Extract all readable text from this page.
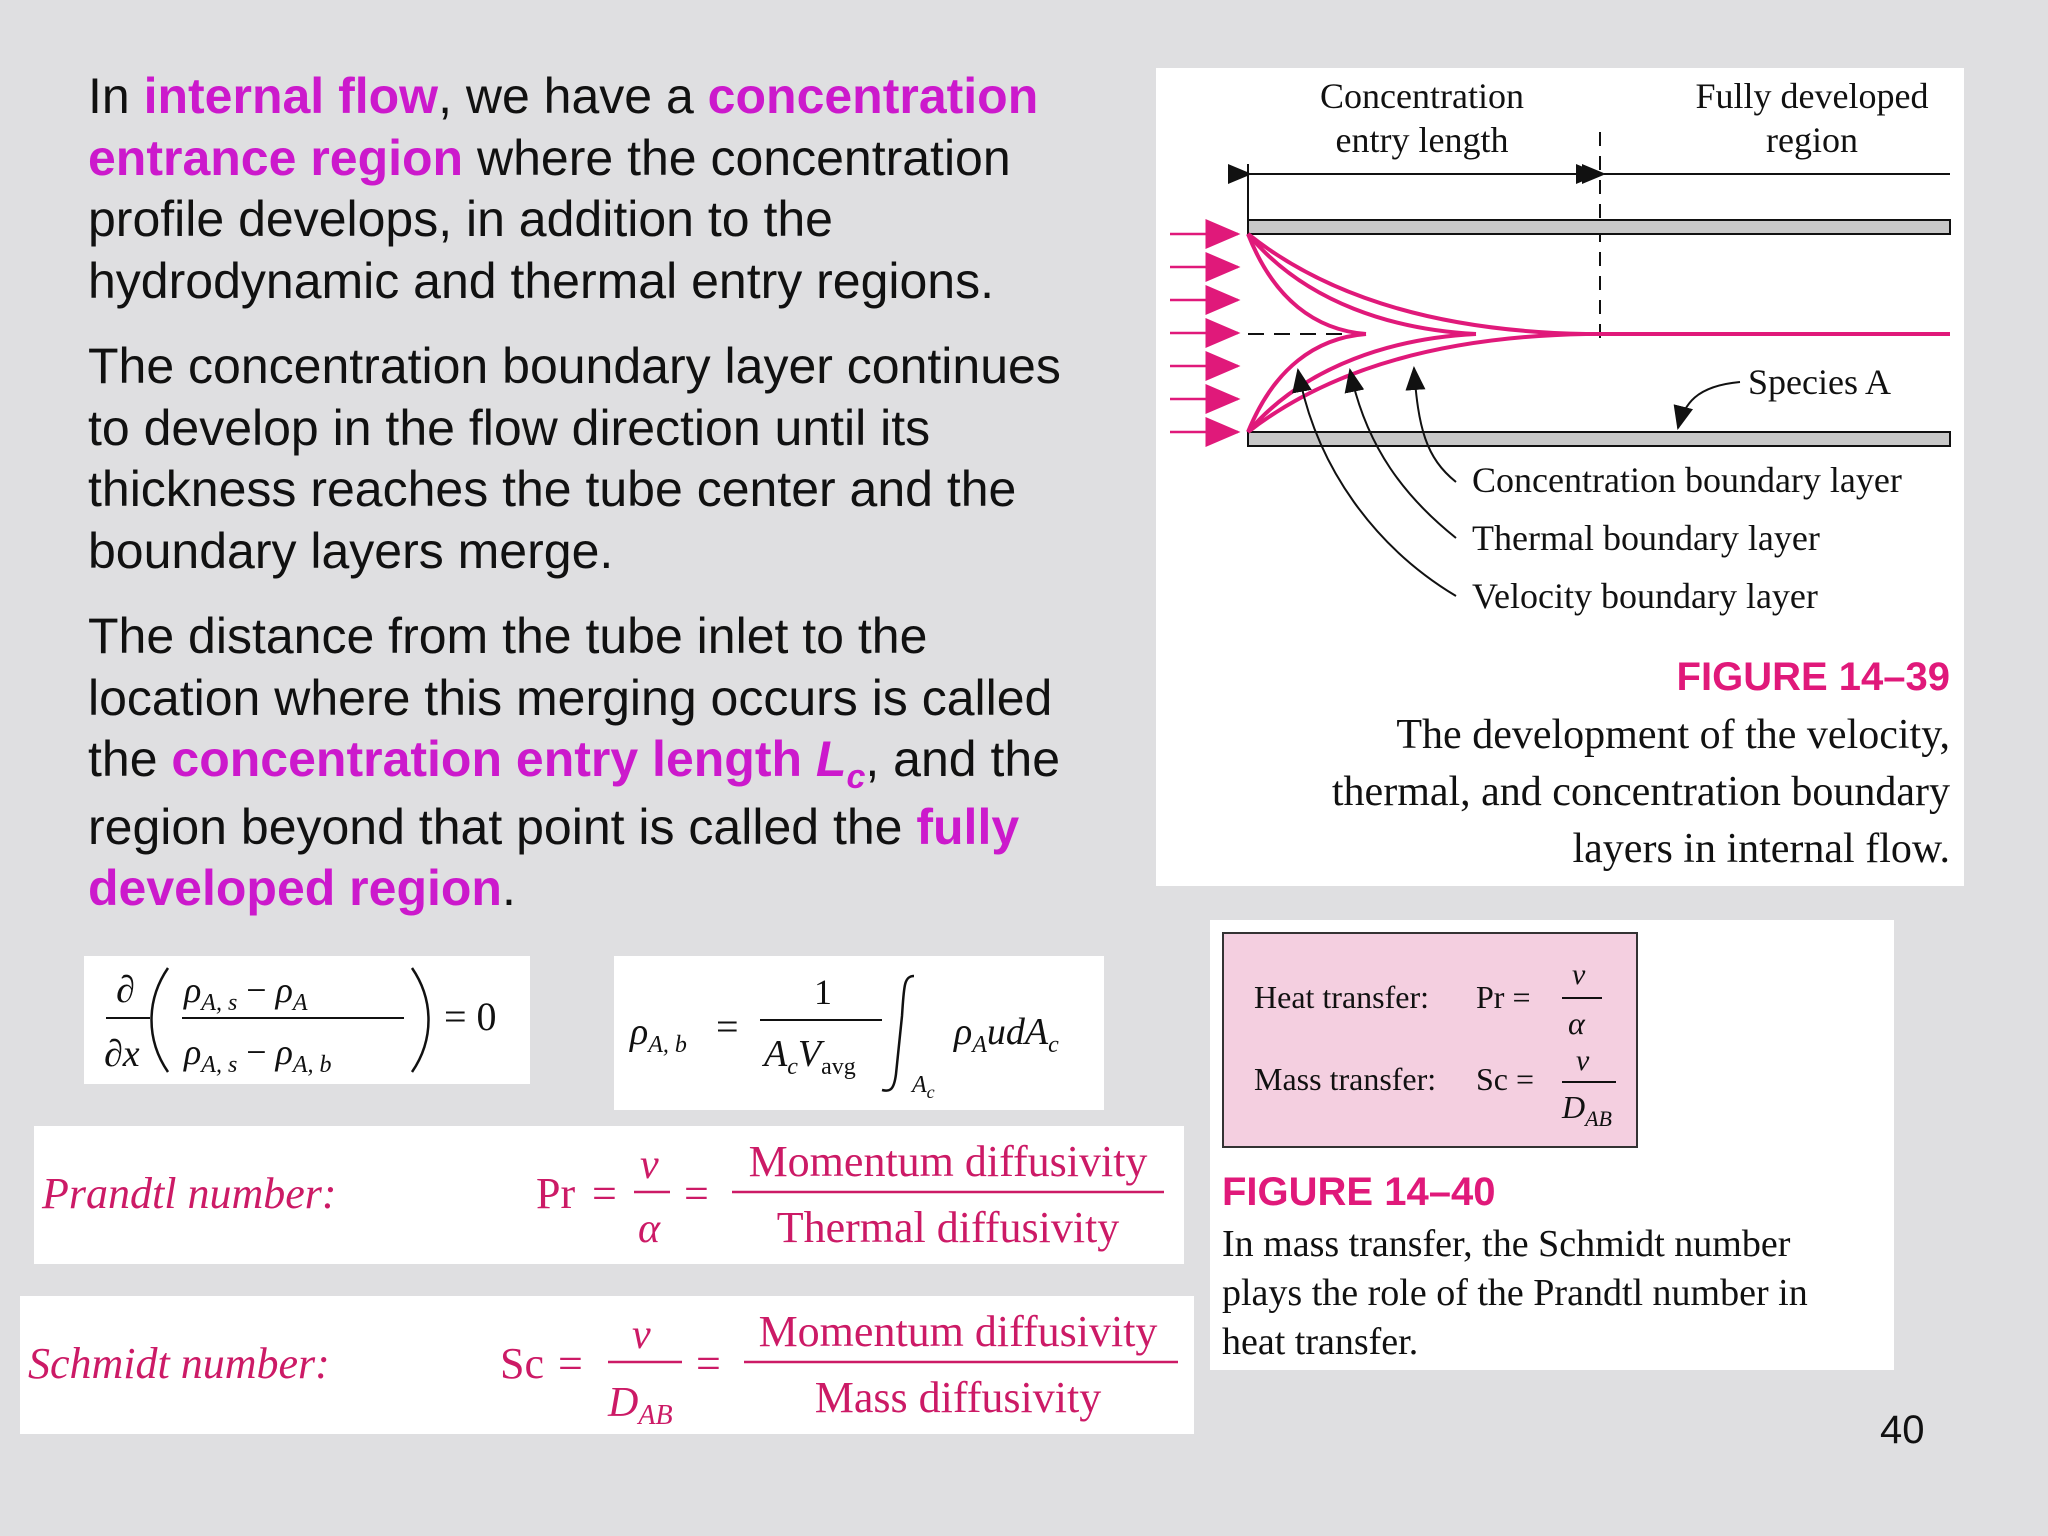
In internal flow, we have a concentration entrance region where the concentration profile develops, in addition to the hydrodynamic and thermal entry regions.

The concentration boundary layer continues to develop in the flow direction until its thickness reaches the tube center and the boundary layers merge.

The distance from the tube inlet to the location where this merging occurs is called the concentration entry length $L_c$, and the region beyond that point is called the fully developed region.

Concentration
entry length
Fully developed
region
Species A
Concentration boundary layer
Thermal boundary layer
Velocity boundary layer
FIGURE 14–39
The development of the velocity,
thermal, and concentration boundary
layers in internal flow.
∂
∂x
$\rho_{A, s} - \rho_A$
$\rho_{A, s} - \rho_{A, b}$
= 0	$\rho_{A, b}$ =
1
$A_cV_{avg}$
$A_c$
$\rho_AudA_c$
Heat transfer: Pr =
ν
α
Mass transfer: Sc =
ν
$D_{AB}$
FIGURE 14–40
In mass transfer, the Schmidt number
plays the role of the Prandtl number in
heat transfer.
Prandtl number:	Pr =
ν
α
=
Momentum diffusivity
Thermal diffusivity
Schmidt number:	Sc =
ν
DAB
=
Momentum diffusivity
Mass diffusivity
40
